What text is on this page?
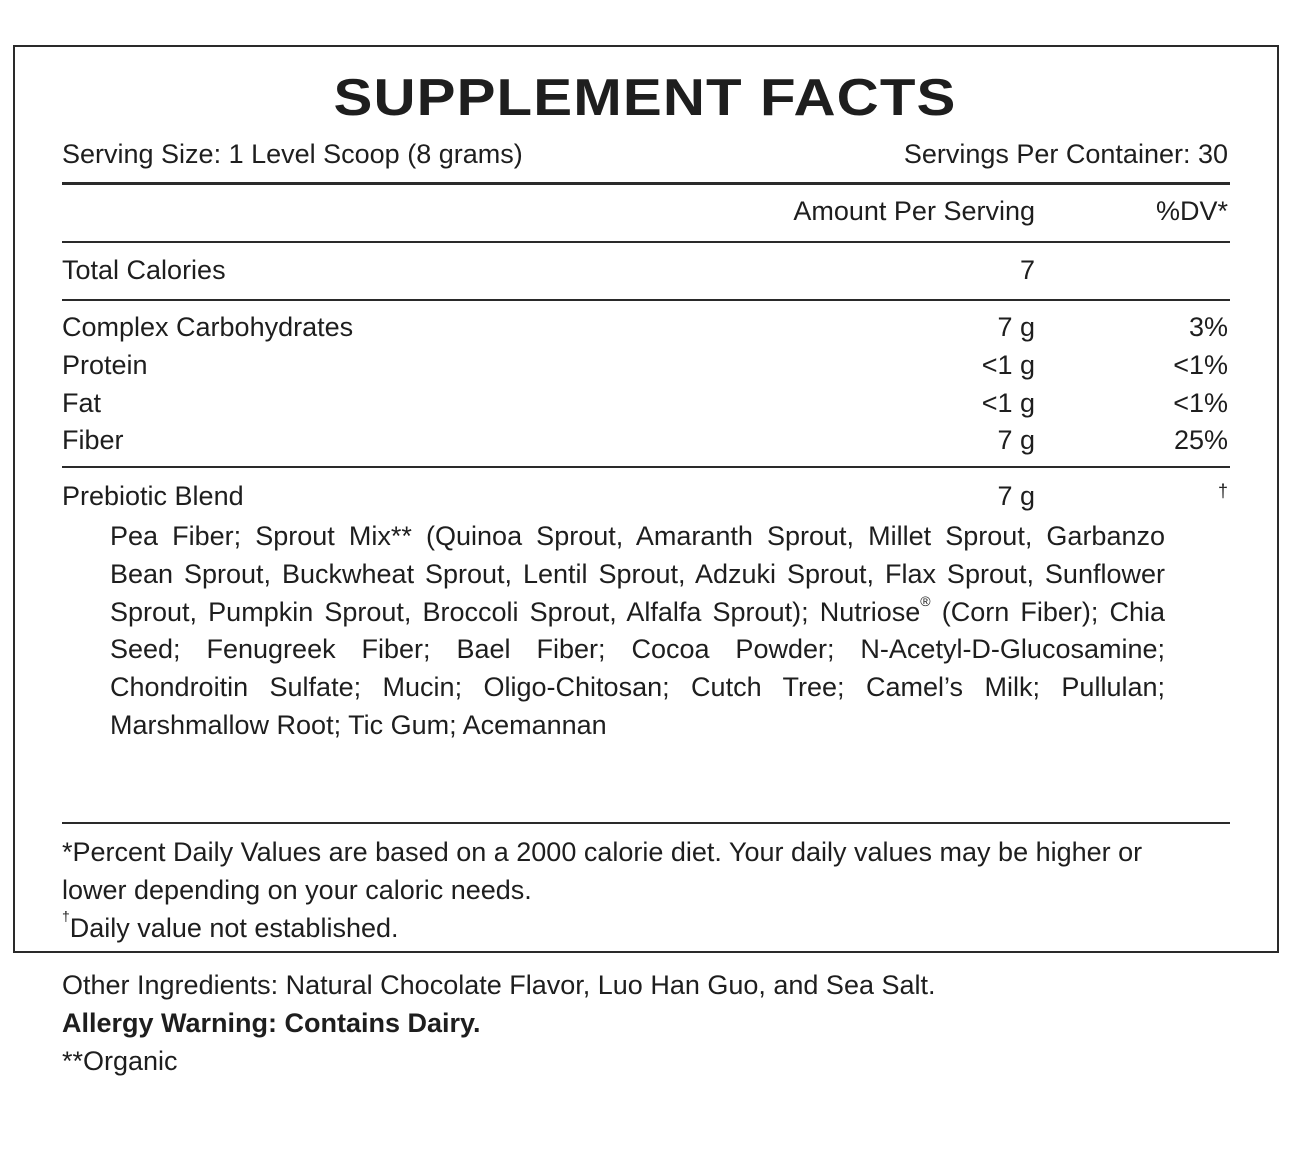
SUPPLEMENT FACTS
Serving Size: 1 Level Scoop (8 grams)	Servings Per Container: 30
Amount Per Serving	%DV*
Total Calories	7
Complex Carbohydrates	7 g	3%
Protein	<1 g	<1%
Fat	<1 g	<1%
Fiber	7 g	25%
Prebiotic Blend	7 g	†
Pea Fiber; Sprout Mix** (Quinoa Sprout, Amaranth Sprout, Millet Sprout, Garbanzo Bean Sprout, Buckwheat Sprout, Lentil Sprout, Adzuki Sprout, Flax Sprout, Sunflower Sprout, Pumpkin Sprout, Broccoli Sprout, Alfalfa Sprout); Nutriose® (Corn Fiber); Chia Seed; Fenugreek Fiber; Bael Fiber; Cocoa Powder; N-Acetyl-D-Glucosamine; Chondroitin Sulfate; Mucin; Oligo-Chitosan; Cutch Tree; Camel’s Milk; Pullulan; Marshmallow Root; Tic Gum; Acemannan
*Percent Daily Values are based on a 2000 calorie diet. Your daily values may be higher or lower depending on your caloric needs.
†Daily value not established.
Other Ingredients: Natural Chocolate Flavor, Luo Han Guo, and Sea Salt.
Allergy Warning: Contains Dairy.
**Organic
